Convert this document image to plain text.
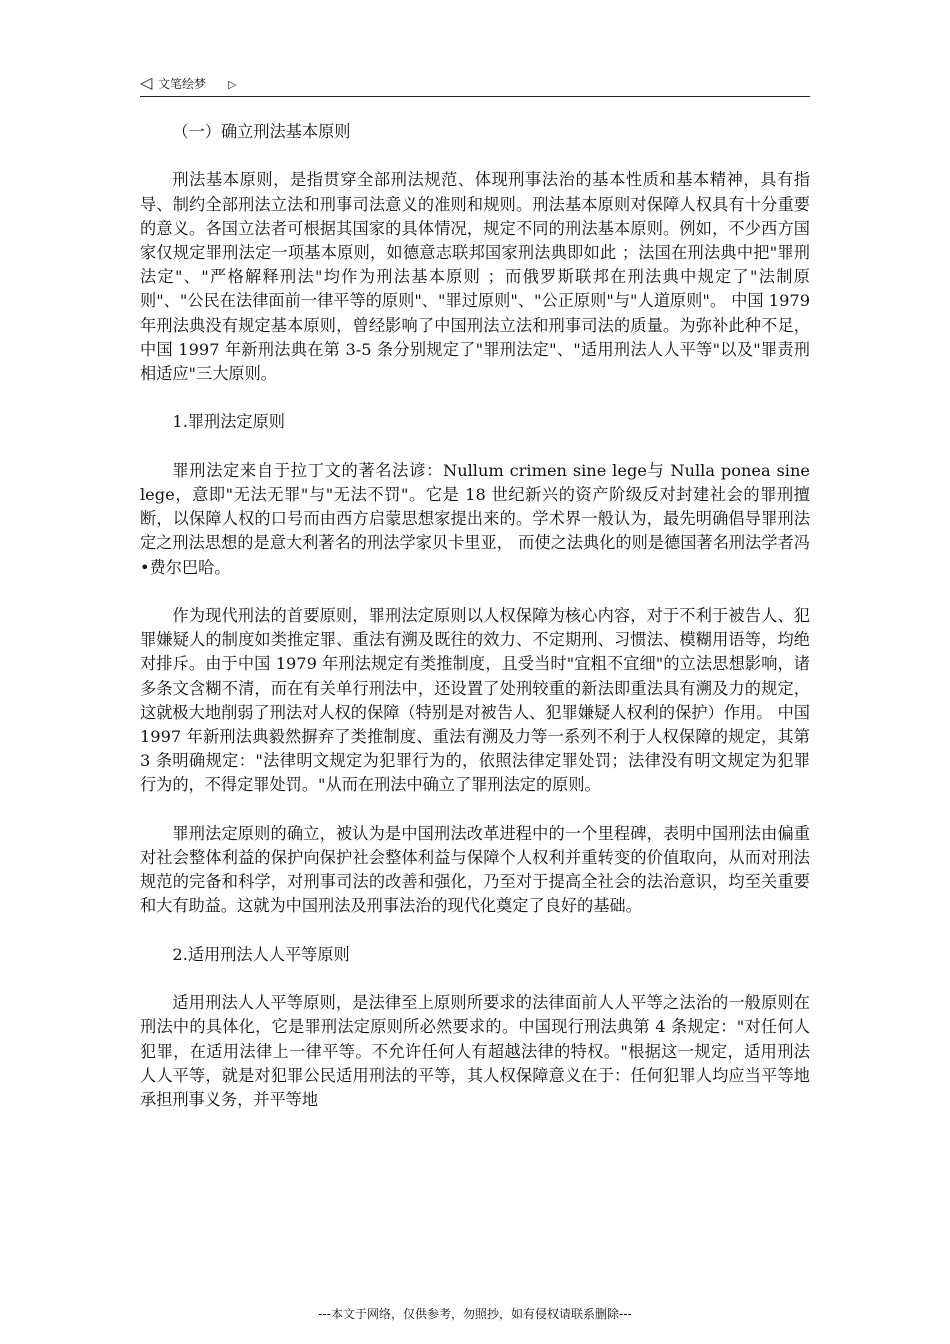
◁ 文笔绘梦 ▷

（一）确立刑法基本原则

刑法基本原则，是指贯穿全部刑法规范、体现刑事法治的基本性质和基本精神，具有指导、制约全部刑法立法和刑事司法意义的准则和规则。刑法基本原则对保障人权具有十分重要的意义。各国立法者可根据其国家的具体情况，规定不同的刑法基本原则。例如，不少西方国家仅规定罪刑法定一项基本原则，如德意志联邦国家刑法典即如此 ；法国在刑法典中把"罪刑法定"、"严格解释刑法"均作为刑法基本原则 ；而俄罗斯联邦在刑法典中规定了"法制原则"、"公民在法律面前一律平等的原则"、"罪过原则"、"公正原则"与"人道原则"。 中国 1979 年刑法典没有规定基本原则，曾经影响了中国刑法立法和刑事司法的质量。为弥补此种不足，中国 1997 年新刑法典在第 3-5 条分别规定了"罪刑法定"、"适用刑法人人平等"以及"罪责刑相适应"三大原则。

1.罪刑法定原则

罪刑法定来自于拉丁文的著名法谚：Nullum crimen sine lege与 Nulla ponea sine lege，意即"无法无罪"与"无法不罚"。它是 18 世纪新兴的资产阶级反对封建社会的罪刑擅断，以保障人权的口号而由西方启蒙思想家提出来的。学术界一般认为，最先明确倡导罪刑法定之刑法思想的是意大利著名的刑法学家贝卡里亚， 而使之法典化的则是德国著名刑法学者冯•费尔巴哈。

作为现代刑法的首要原则，罪刑法定原则以人权保障为核心内容，对于不利于被告人、犯罪嫌疑人的制度如类推定罪、重法有溯及既往的效力、不定期刑、习惯法、模糊用语等，均绝对排斥。由于中国 1979 年刑法规定有类推制度，且受当时"宜粗不宜细"的立法思想影响，诸多条文含糊不清，而在有关单行刑法中，还设置了处刑较重的新法即重法具有溯及力的规定， 这就极大地削弱了刑法对人权的保障（特别是对被告人、犯罪嫌疑人权利的保护）作用。 中国 1997 年新刑法典毅然摒弃了类推制度、重法有溯及力等一系列不利于人权保障的规定，其第 3 条明确规定："法律明文规定为犯罪行为的，依照法律定罪处罚；法律没有明文规定为犯罪行为的，不得定罪处罚。"从而在刑法中确立了罪刑法定的原则。

罪刑法定原则的确立，被认为是中国刑法改革进程中的一个里程碑，表明中国刑法由偏重对社会整体利益的保护向保护社会整体利益与保障个人权利并重转变的价值取向，从而对刑法规范的完备和科学，对刑事司法的改善和强化，乃至对于提高全社会的法治意识，均至关重要和大有助益。这就为中国刑法及刑事法治的现代化奠定了良好的基础。

2.适用刑法人人平等原则

适用刑法人人平等原则，是法律至上原则所要求的法律面前人人平等之法治的一般原则在刑法中的具体化，它是罪刑法定原则所必然要求的。中国现行刑法典第 4 条规定："对任何人犯罪，在适用法律上一律平等。不允许任何人有超越法律的特权。"根据这一规定，适用刑法人人平等，就是对犯罪公民适用刑法的平等，其人权保障意义在于：任何犯罪人均应当平等地承担刑事义务，并平等地

---本文于网络，仅供参考，勿照抄，如有侵权请联系删除---
